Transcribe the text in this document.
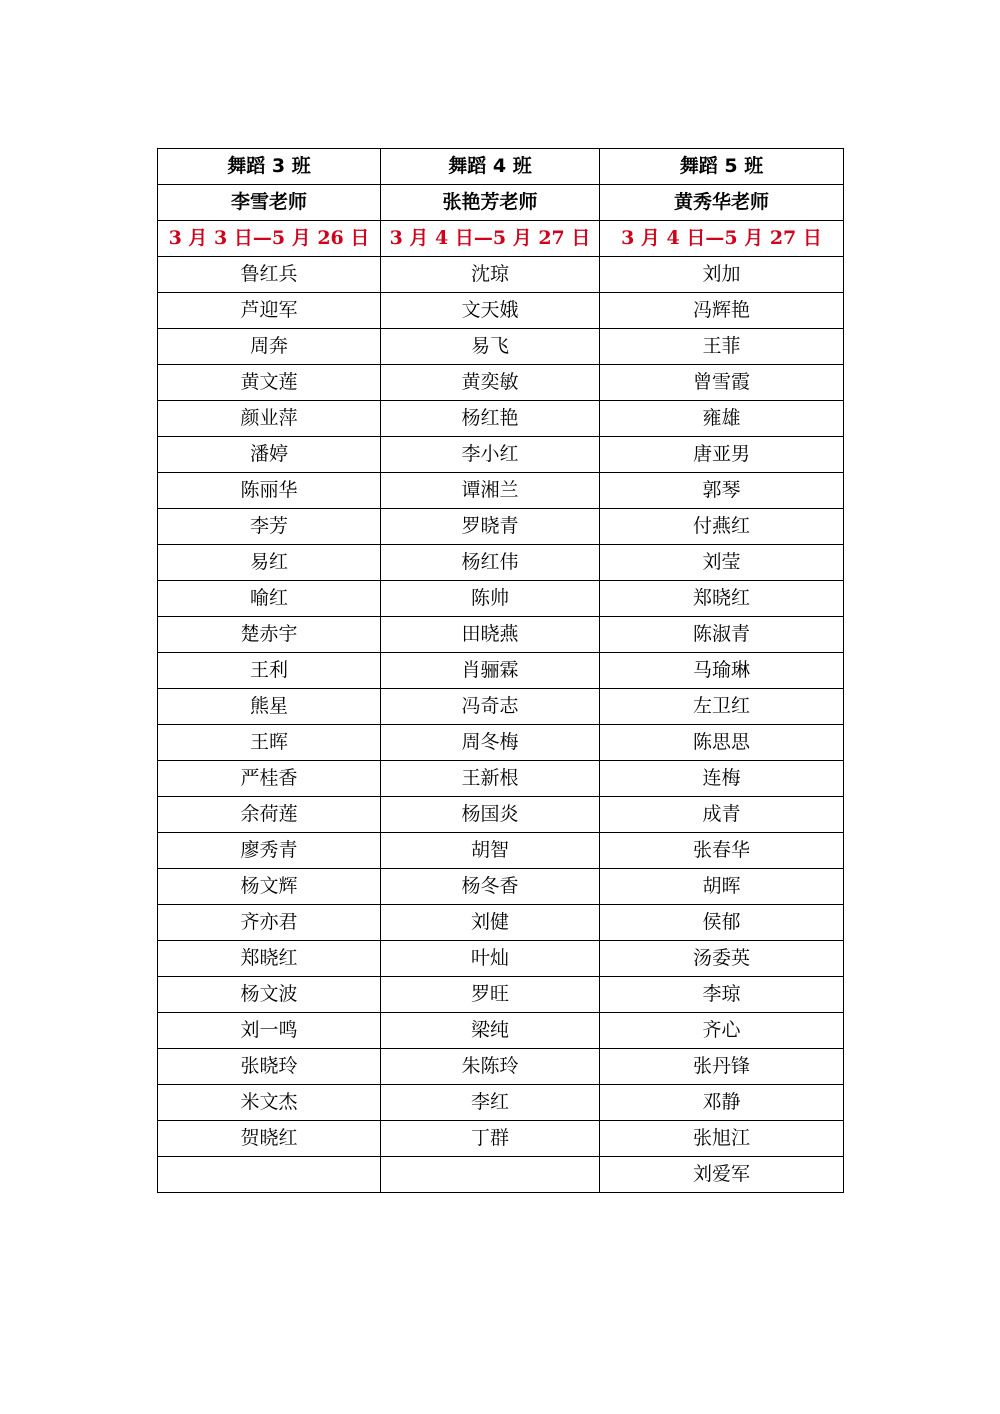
舞蹈 3 班	舞蹈 4 班	舞蹈 5 班
李雪老师	张艳芳老师	黄秀华老师
3 月 3 日—5 月 26 日	3 月 4 日—5 月 27 日	3 月 4 日—5 月 27 日
鲁红兵	沈琼	刘加
芦迎军	文天娥	冯辉艳
周奔	易飞	王菲
黄文莲	黄奕敏	曾雪霞
颜业萍	杨红艳	雍雄
潘婷	李小红	唐亚男
陈丽华	谭湘兰	郭琴
李芳	罗晓青	付燕红
易红	杨红伟	刘莹
喻红	陈帅	郑晓红
楚赤宇	田晓燕	陈淑青
王利	肖骊霖	马瑜琳
熊星	冯奇志	左卫红
王晖	周冬梅	陈思思
严桂香	王新根	连梅
余荷莲	杨国炎	成青
廖秀青	胡智	张春华
杨文辉	杨冬香	胡晖
齐亦君	刘健	侯郁
郑晓红	叶灿	汤委英
杨文波	罗旺	李琼
刘一鸣	梁纯	齐心
张晓玲	朱陈玲	张丹锋
米文杰	李红	邓静
贺晓红	丁群	张旭江
		刘爱军
